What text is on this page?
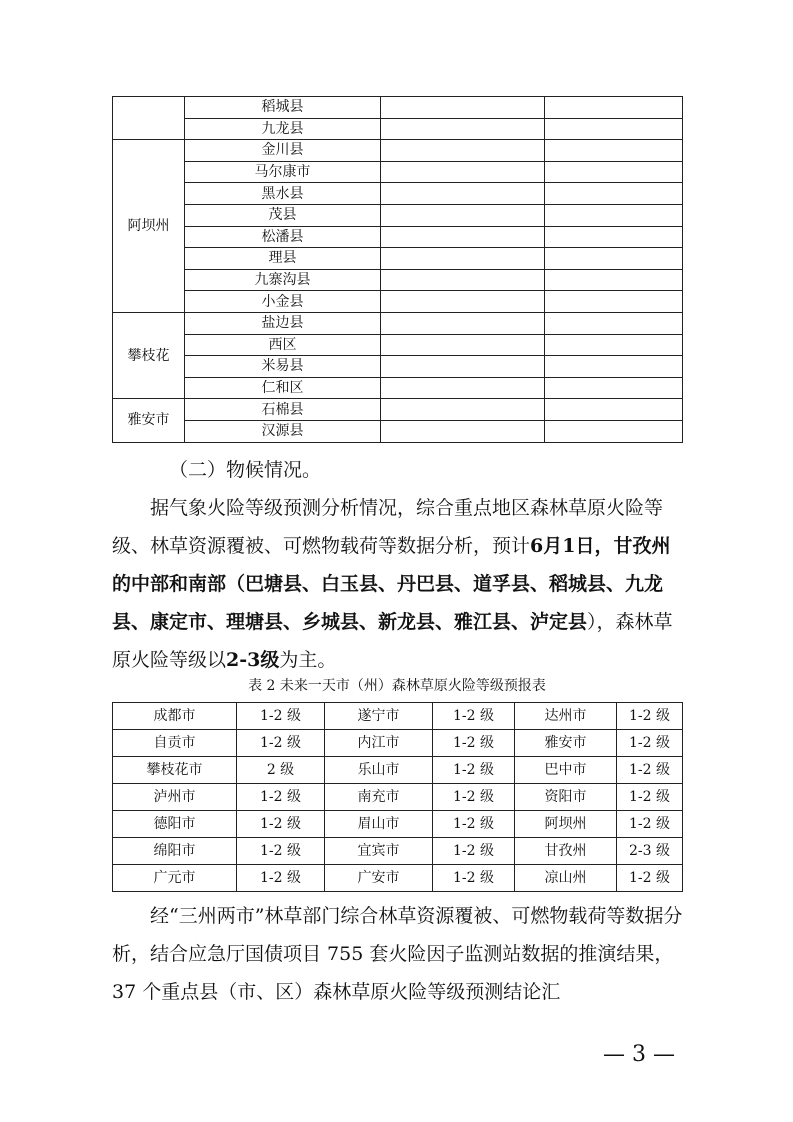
	稻城县		
	九龙县		
阿坝州	金川县		
	马尔康市		
	黑水县		
	茂县		
	松潘县		
	理县		
	九寨沟县		
	小金县		
攀枝花	盐边县		
	西区		
	米易县		
	仁和区		
雅安市	石棉县		
	汉源县		
（二）物候情况。
据气象火险等级预测分析情况，综合重点地区森林草原火险等级、林草资源覆被、可燃物载荷等数据分析，预计6月1日，甘孜州的中部和南部（巴塘县、白玉县、丹巴县、道孚县、稻城县、九龙县、康定市、理塘县、乡城县、新龙县、雅江县、泸定县），森林草原火险等级以2-3级为主。
表 2 未来一天市（州）森林草原火险等级预报表
成都市	1-2 级	遂宁市	1-2 级	达州市	1-2 级
自贡市	1-2 级	内江市	1-2 级	雅安市	1-2 级
攀枝花市	2 级	乐山市	1-2 级	巴中市	1-2 级
泸州市	1-2 级	南充市	1-2 级	资阳市	1-2 级
德阳市	1-2 级	眉山市	1-2 级	阿坝州	1-2 级
绵阳市	1-2 级	宜宾市	1-2 级	甘孜州	2-3 级
广元市	1-2 级	广安市	1-2 级	凉山州	1-2 级
经“三州两市”林草部门综合林草资源覆被、可燃物载荷等数据分析，结合应急厅国债项目 755 套火险因子监测站数据的推演结果，37 个重点县（市、区）森林草原火险等级预测结论汇
— 3 —
